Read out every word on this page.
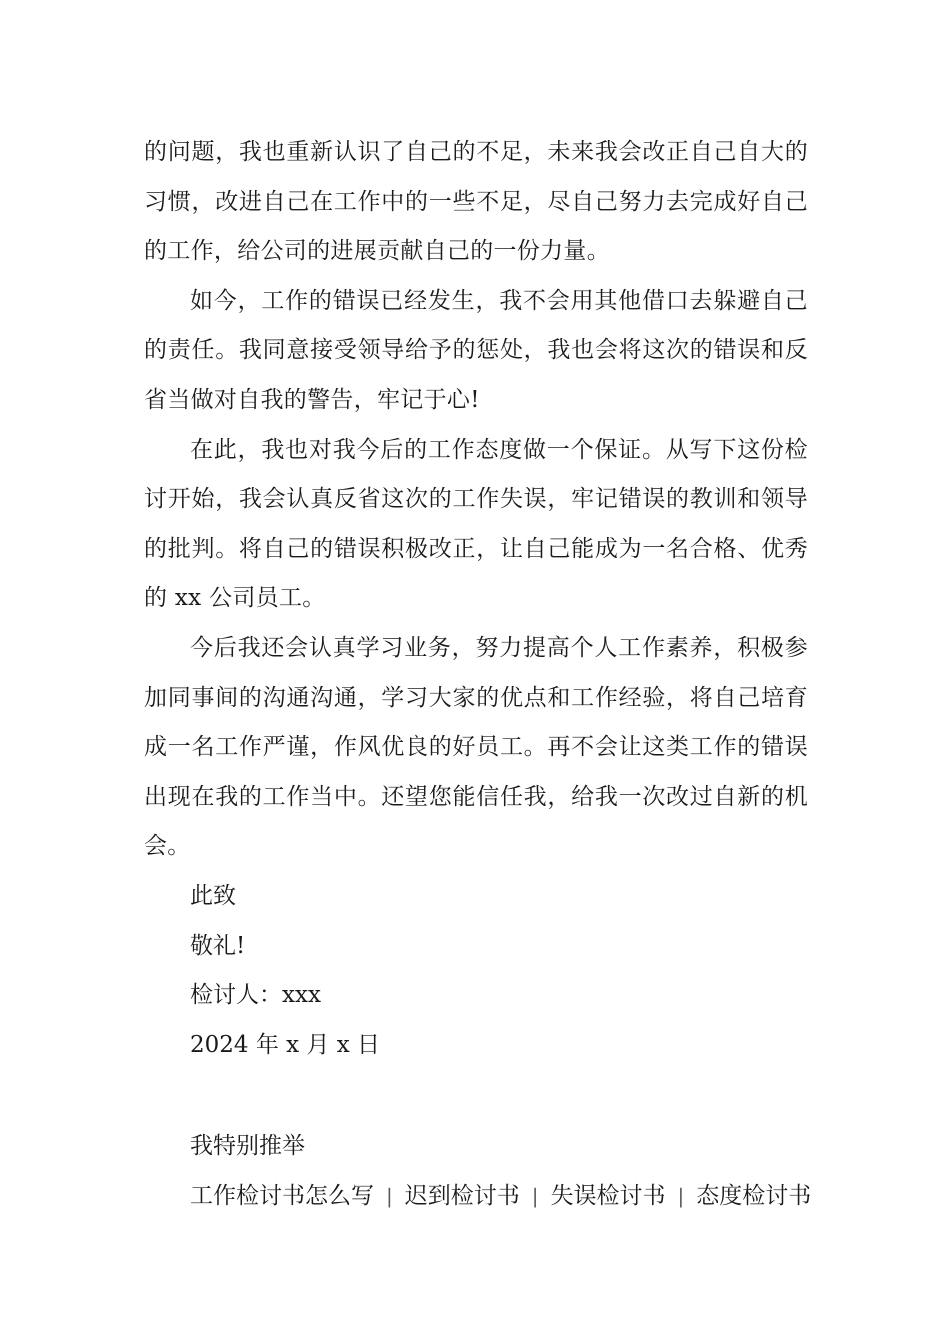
的问题，我也重新认识了自己的不足，未来我会改正自己自大的习惯，改进自己在工作中的一些不足，尽自己努力去完成好自己的工作，给公司的进展贡献自己的一份力量。

如今，工作的错误已经发生，我不会用其他借口去躲避自己的责任。我同意接受领导给予的惩处，我也会将这次的错误和反省当做对自我的警告，牢记于心!

在此，我也对我今后的工作态度做一个保证。从写下这份检讨开始，我会认真反省这次的工作失误，牢记错误的教训和领导的批判。将自己的错误积极改正，让自己能成为一名合格、优秀的 xx 公司员工。

今后我还会认真学习业务，努力提高个人工作素养，积极参加同事间的沟通沟通，学习大家的优点和工作经验，将自己培育成一名工作严谨，作风优良的好员工。再不会让这类工作的错误出现在我的工作当中。还望您能信任我，给我一次改过自新的机会。

此致

敬礼!

检讨人：xxx

2024 年 x 月 x 日

我特别推举

工作检讨书怎么写 | 迟到检讨书 | 失误检讨书 | 态度检讨书
